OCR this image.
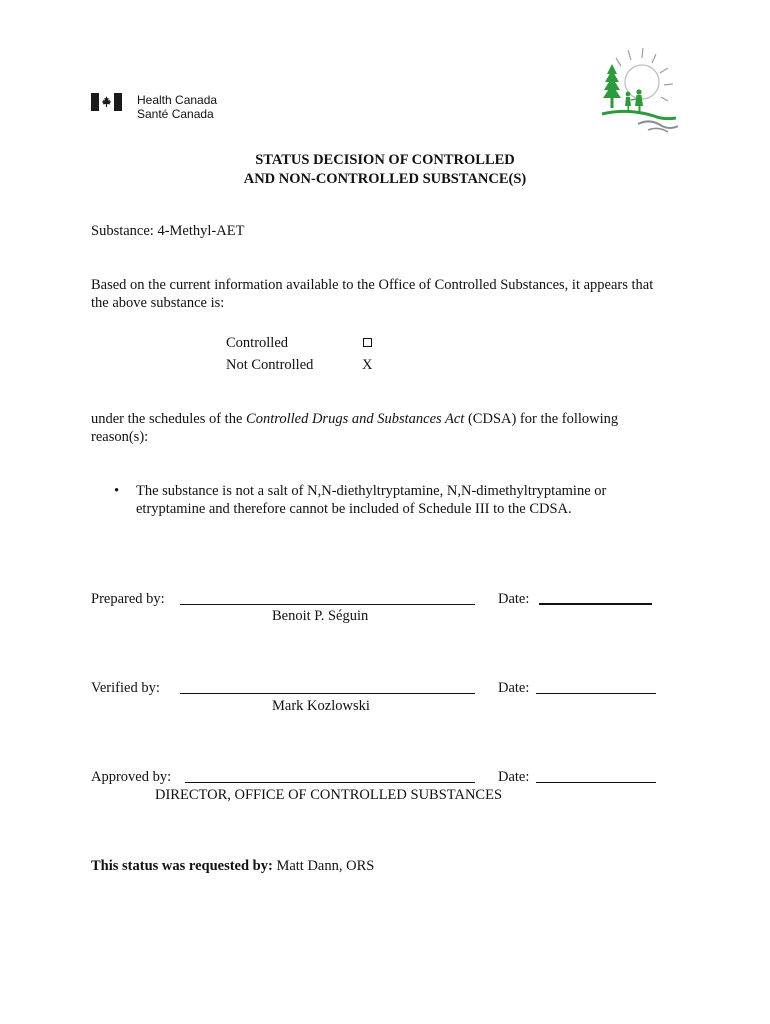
Health Canada
Santé Canada
STATUS DECISION OF CONTROLLED
AND NON-CONTROLLED SUBSTANCE(S)
Substance: 4-Methyl-AET
Based on the current information available to the Office of Controlled Substances, it appears that
the above substance is:
Controlled
Not Controlled	X
under the schedules of the Controlled Drugs and Substances Act (CDSA) for the following
reason(s):
• The substance is not a salt of N,N-diethyltryptamine, N,N-dimethyltryptamine or
etryptamine and therefore cannot be included of Schedule III to the CDSA.
Prepared by:
Benoit P. Séguin
Date:
Verified by:
Mark Kozlowski
Date:
Approved by:
DIRECTOR, OFFICE OF CONTROLLED SUBSTANCES
Date:
This status was requested by: Matt Dann, ORS
